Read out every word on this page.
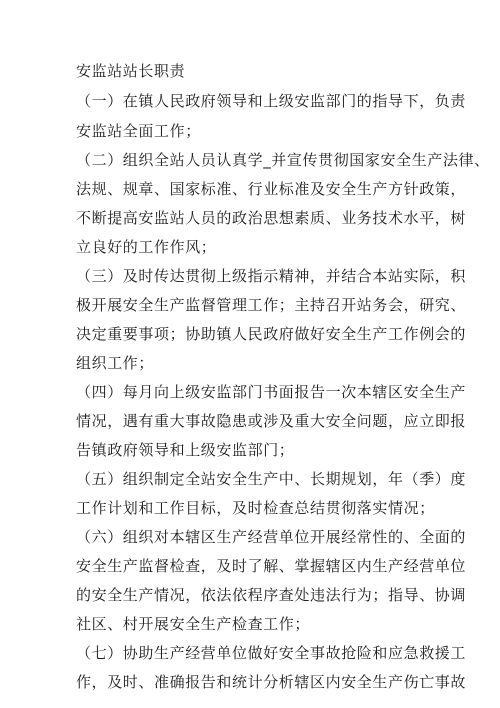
安监站站长职责
（一）在镇人民政府领导和上级安监部门的指导下，负责
安监站全面工作；
（二）组织全站人员认真学_并宣传贯彻国家安全生产法律、
法规、规章、国家标准、行业标准及安全生产方针政策，
不断提高安监站人员的政治思想素质、业务技术水平，树
立良好的工作作风；
（三）及时传达贯彻上级指示精神，并结合本站实际，积
极开展安全生产监督管理工作；主持召开站务会，研究、
决定重要事项；协助镇人民政府做好安全生产工作例会的
组织工作；
（四）每月向上级安监部门书面报告一次本辖区安全生产
情况，遇有重大事故隐患或涉及重大安全问题，应立即报
告镇政府领导和上级安监部门；
（五）组织制定全站安全生产中、长期规划，年（季）度
工作计划和工作目标，及时检查总结贯彻落实情况；
（六）组织对本辖区生产经营单位开展经常性的、全面的
安全生产监督检查，及时了解、掌握辖区内生产经营单位
的安全生产情况，依法依程序查处违法行为；指导、协调
社区、村开展安全生产检查工作；
（七）协助生产经营单位做好安全事故抢险和应急救援工
作，及时、准确报告和统计分析辖区内安全生产伤亡事故
